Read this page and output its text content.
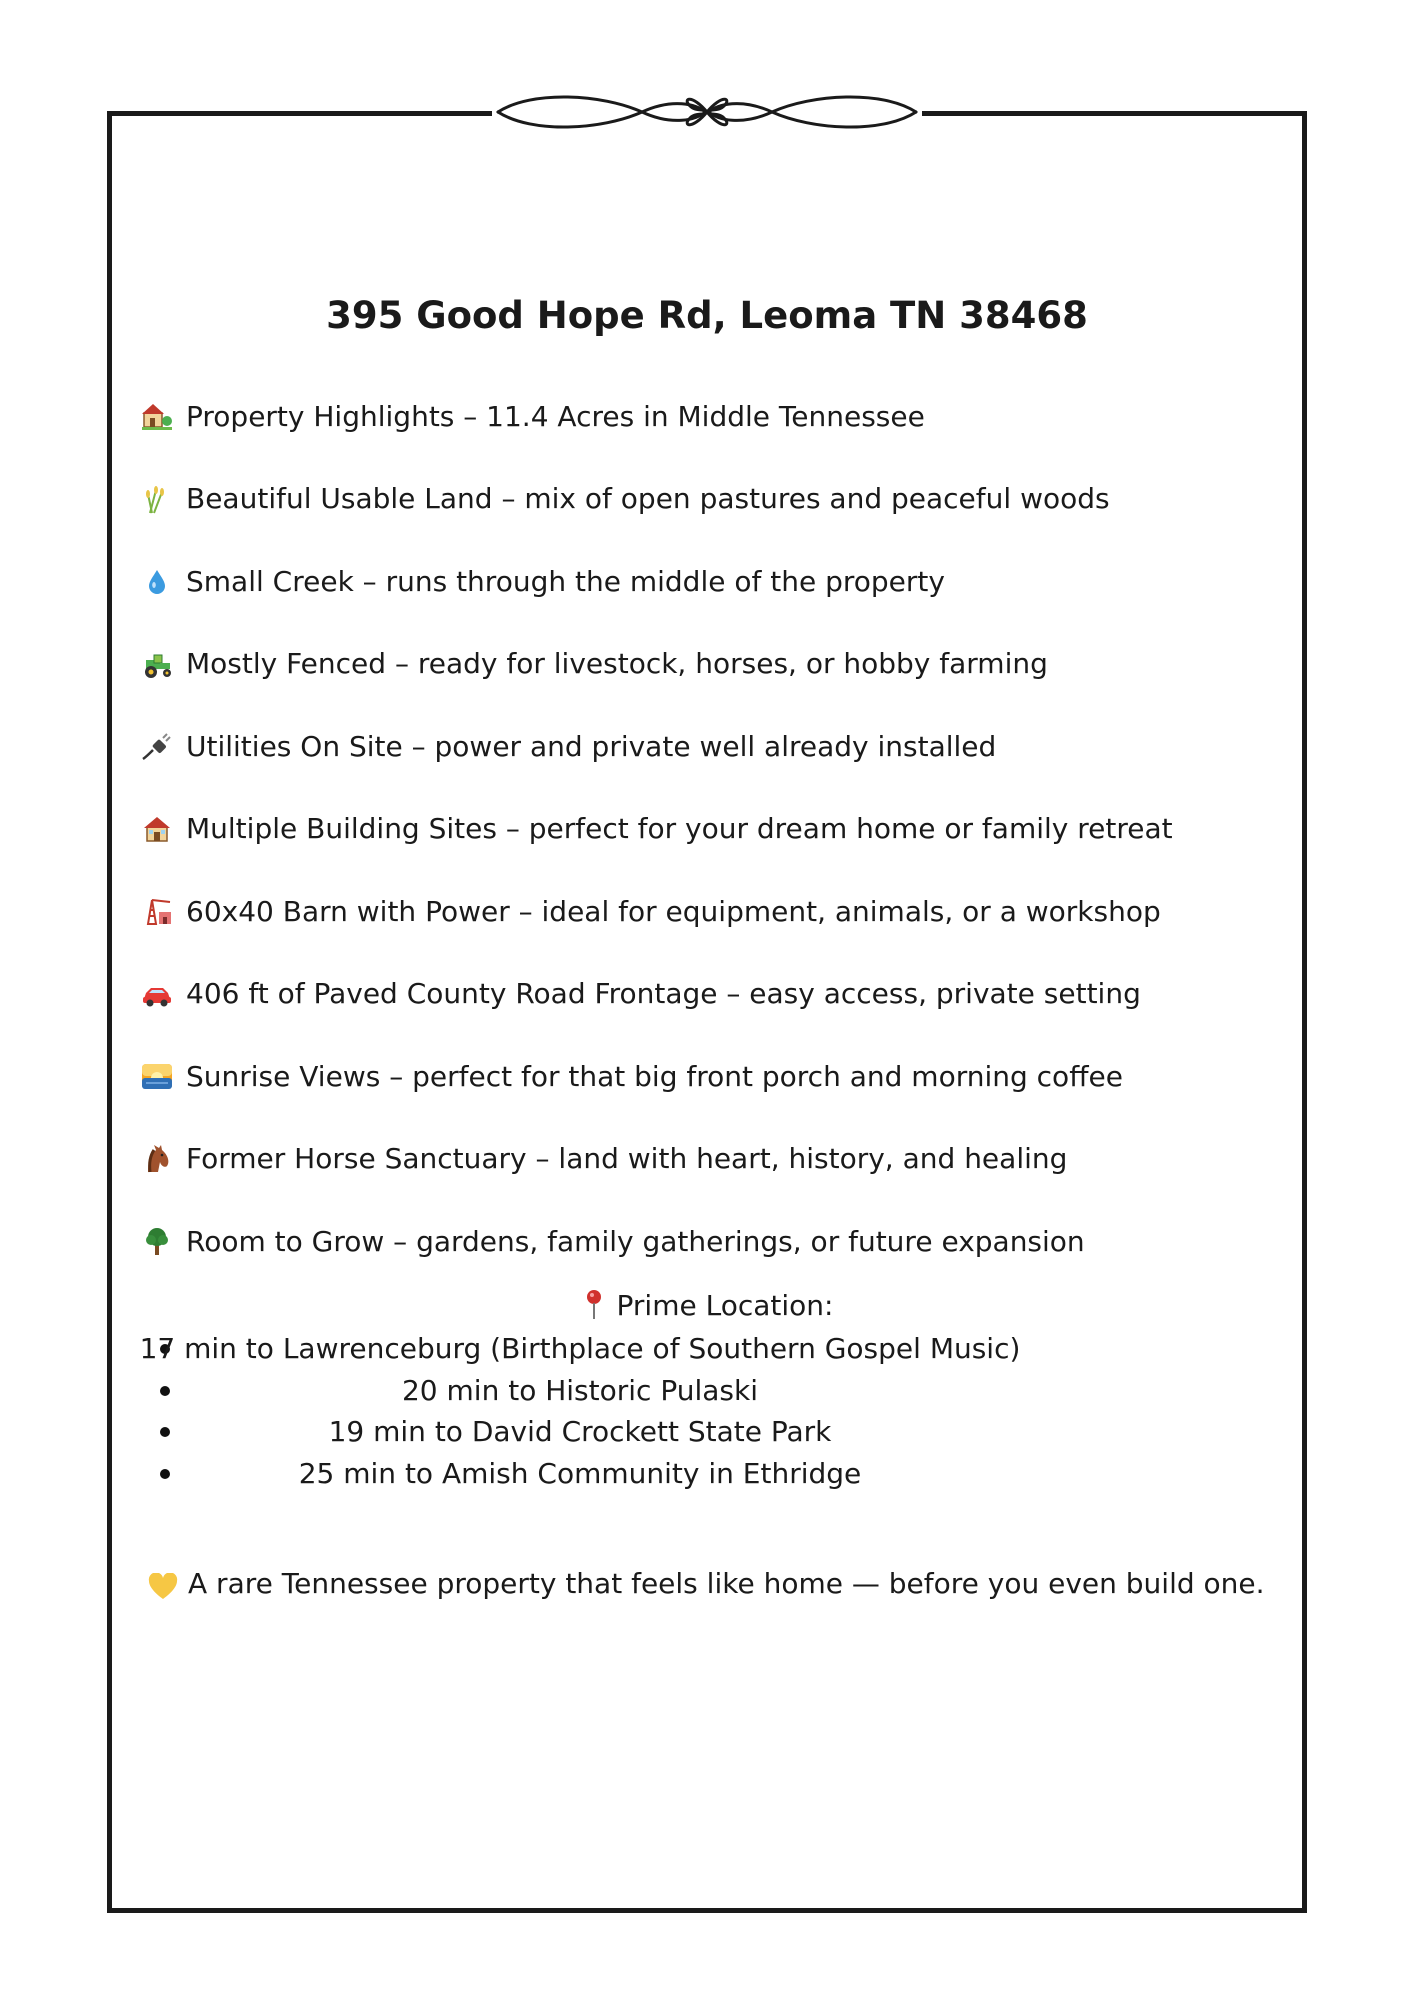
395 Good Hope Rd, Leoma TN 38468
Property Highlights – 11.4 Acres in Middle Tennessee
Beautiful Usable Land – mix of open pastures and peaceful woods
Small Creek – runs through the middle of the property
Mostly Fenced – ready for livestock, horses, or hobby farming
Utilities On Site – power and private well already installed
Multiple Building Sites – perfect for your dream home or family retreat
60x40 Barn with Power – ideal for equipment, animals, or a workshop
406 ft of Paved County Road Frontage – easy access, private setting
Sunrise Views – perfect for that big front porch and morning coffee
Former Horse Sanctuary – land with heart, history, and healing
Room to Grow – gardens, family gatherings, or future expansion

Prime Location:

17 min to Lawrenceburg (Birthplace of Southern Gospel Music)
20 min to Historic Pulaski
19 min to David Crockett State Park
25 min to Amish Community in Ethridge

A rare Tennessee property that feels like home — before you even build one.
